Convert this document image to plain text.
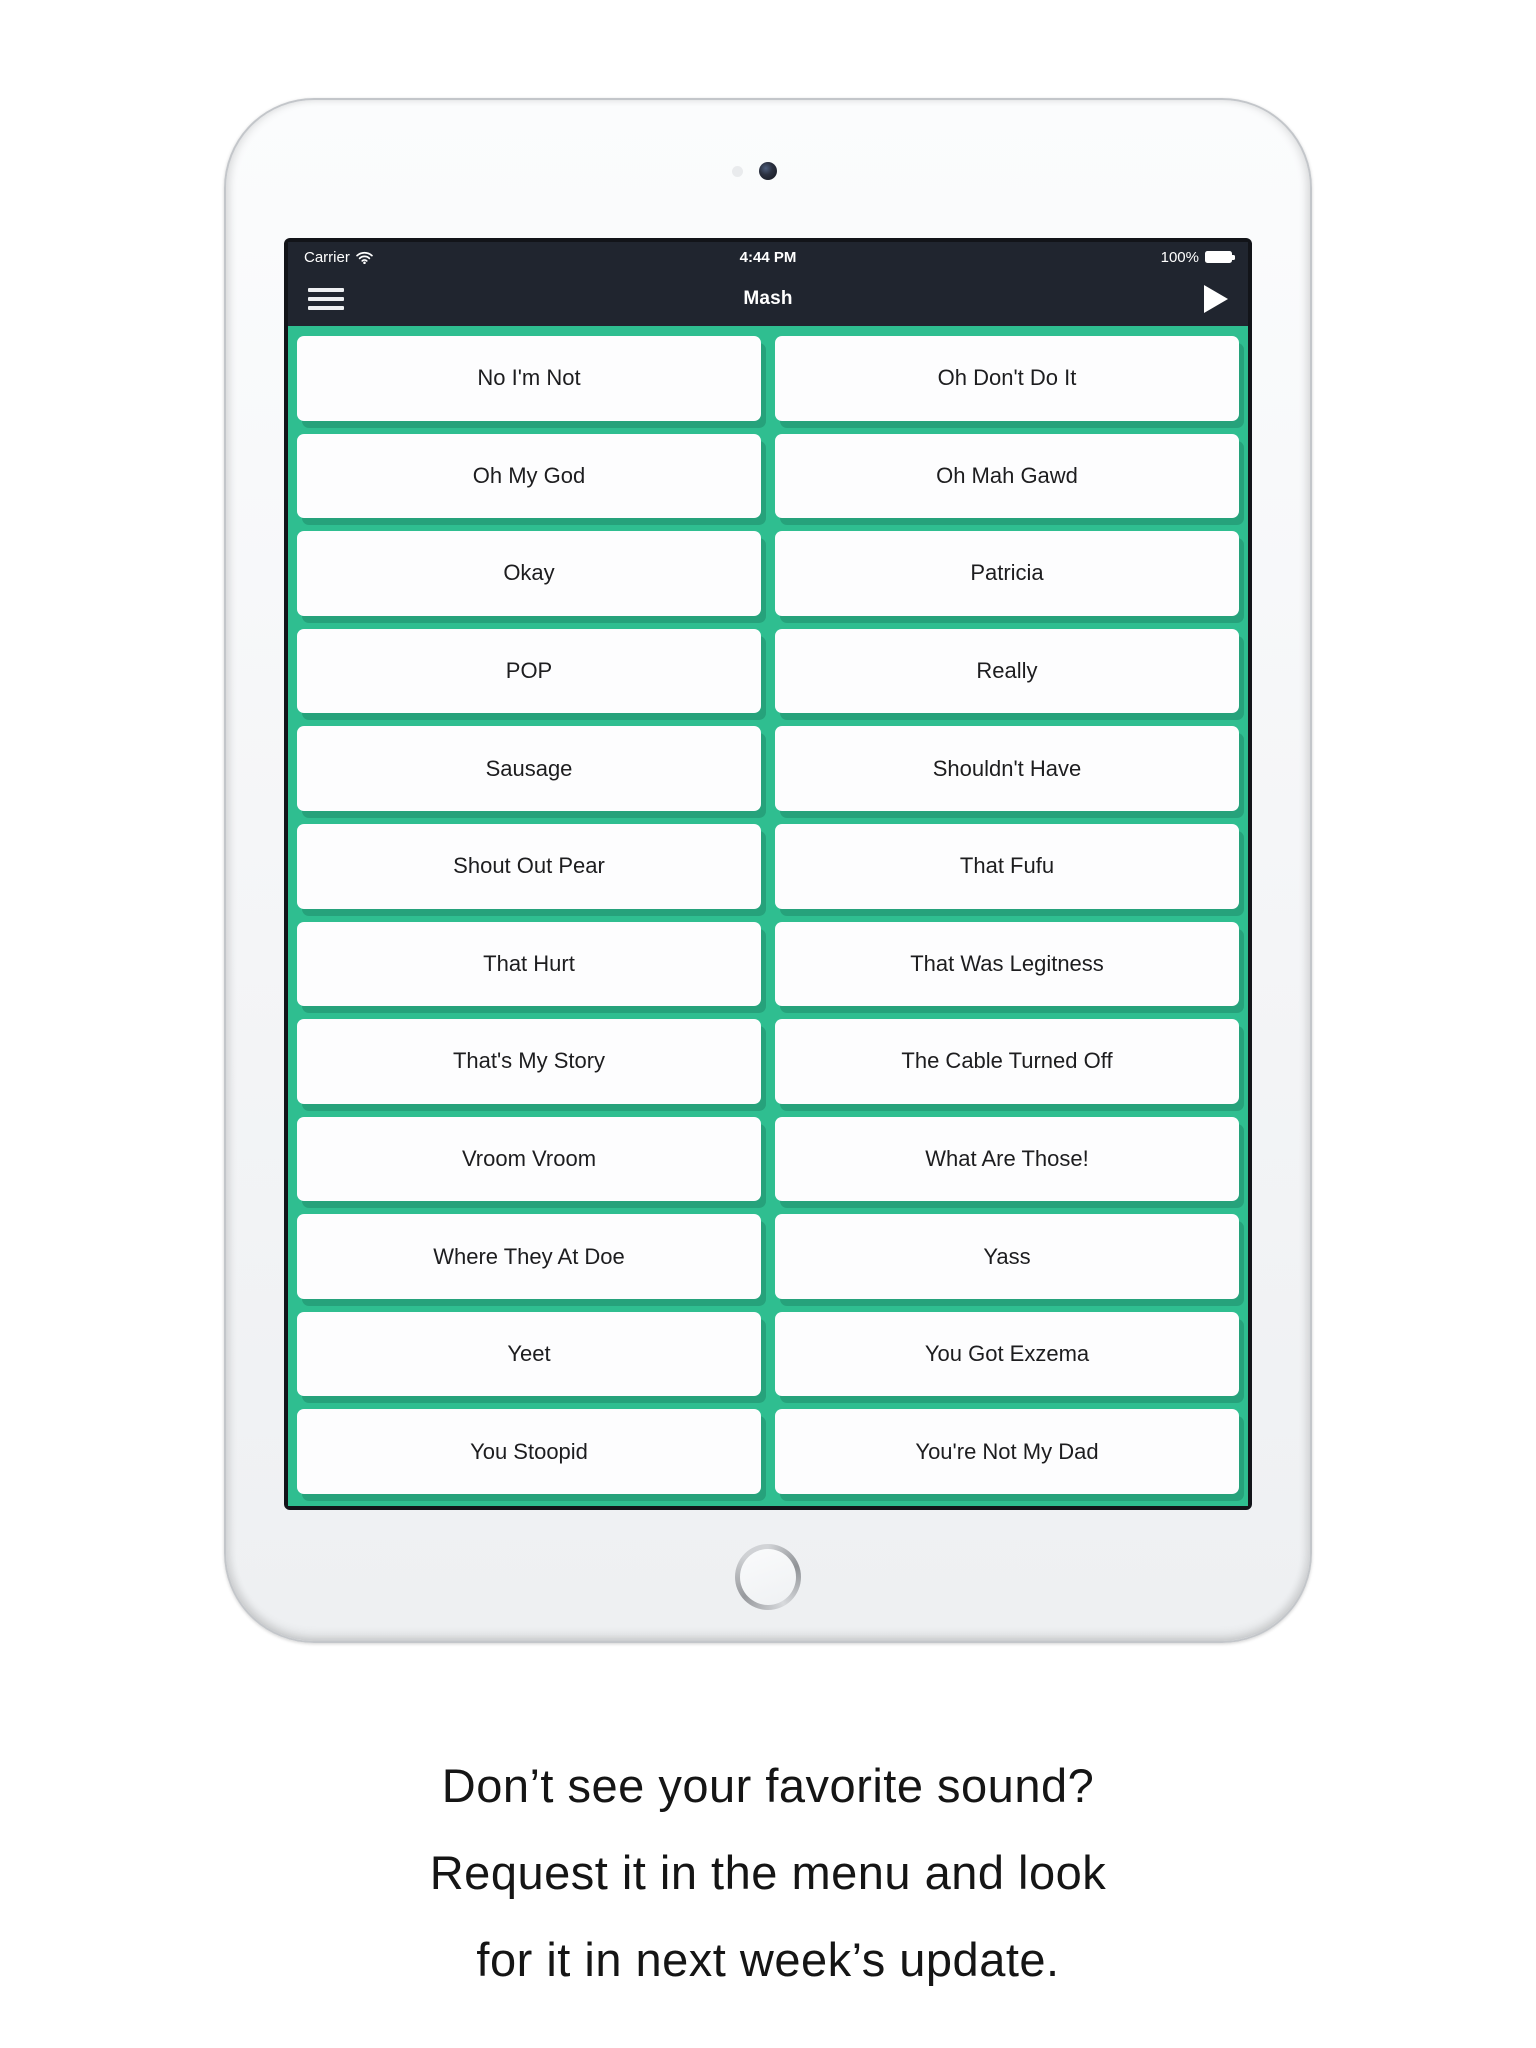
Carrier	4:44 PM	100%
Mash
No I'm Not	Oh Don't Do It
Oh My God	Oh Mah Gawd
Okay	Patricia
POP	Really
Sausage	Shouldn't Have
Shout Out Pear	That Fufu
That Hurt	That Was Legitness
That's My Story	The Cable Turned Off
Vroom Vroom	What Are Those!
Where They At Doe	Yass
Yeet	You Got Exzema
You Stoopid	You're Not My Dad
Don’t see your favorite sound?
Request it in the menu and look
for it in next week’s update.
